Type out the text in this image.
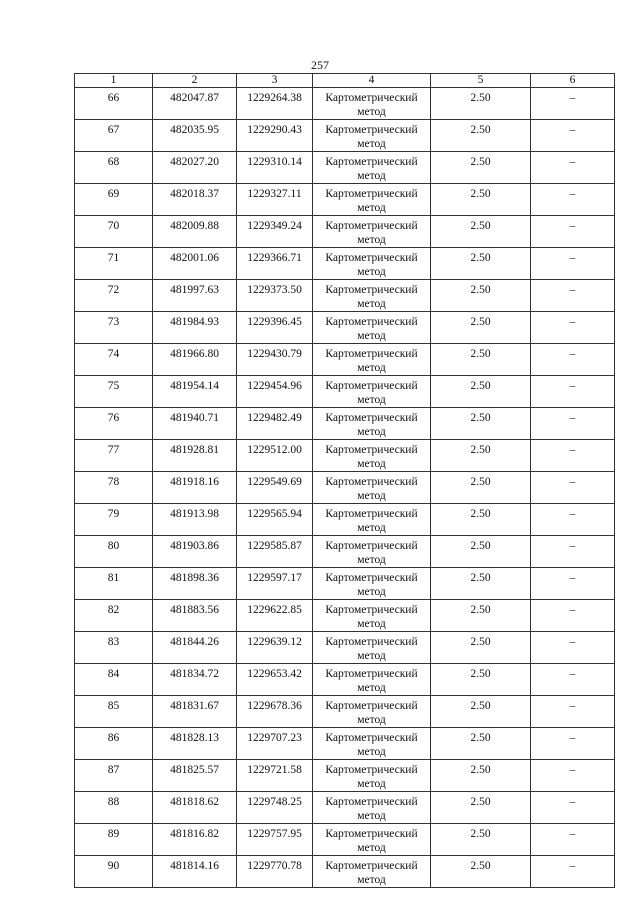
257
1	2	3	4	5	6

66	482047.87	1229264.38	Картометрический метод	2.50	–

67	482035.95	1229290.43	Картометрический метод	2.50	–

68	482027.20	1229310.14	Картометрический метод	2.50	–

69	482018.37	1229327.11	Картометрический метод	2.50	–

70	482009.88	1229349.24	Картометрический метод	2.50	–

71	482001.06	1229366.71	Картометрический метод	2.50	–

72	481997.63	1229373.50	Картометрический метод	2.50	–

73	481984.93	1229396.45	Картометрический метод	2.50	–

74	481966.80	1229430.79	Картометрический метод	2.50	–

75	481954.14	1229454.96	Картометрический метод	2.50	–

76	481940.71	1229482.49	Картометрический метод	2.50	–

77	481928.81	1229512.00	Картометрический метод	2.50	–

78	481918.16	1229549.69	Картометрический метод	2.50	–

79	481913.98	1229565.94	Картометрический метод	2.50	–

80	481903.86	1229585.87	Картометрический метод	2.50	–

81	481898.36	1229597.17	Картометрический метод	2.50	–

82	481883.56	1229622.85	Картометрический метод	2.50	–

83	481844.26	1229639.12	Картометрический метод	2.50	–

84	481834.72	1229653.42	Картометрический метод	2.50	–

85	481831.67	1229678.36	Картометрический метод	2.50	–

86	481828.13	1229707.23	Картометрический метод	2.50	–

87	481825.57	1229721.58	Картометрический метод	2.50	–

88	481818.62	1229748.25	Картометрический метод	2.50	–

89	481816.82	1229757.95	Картометрический метод	2.50	–

90	481814.16	1229770.78	Картометрический метод	2.50	–
